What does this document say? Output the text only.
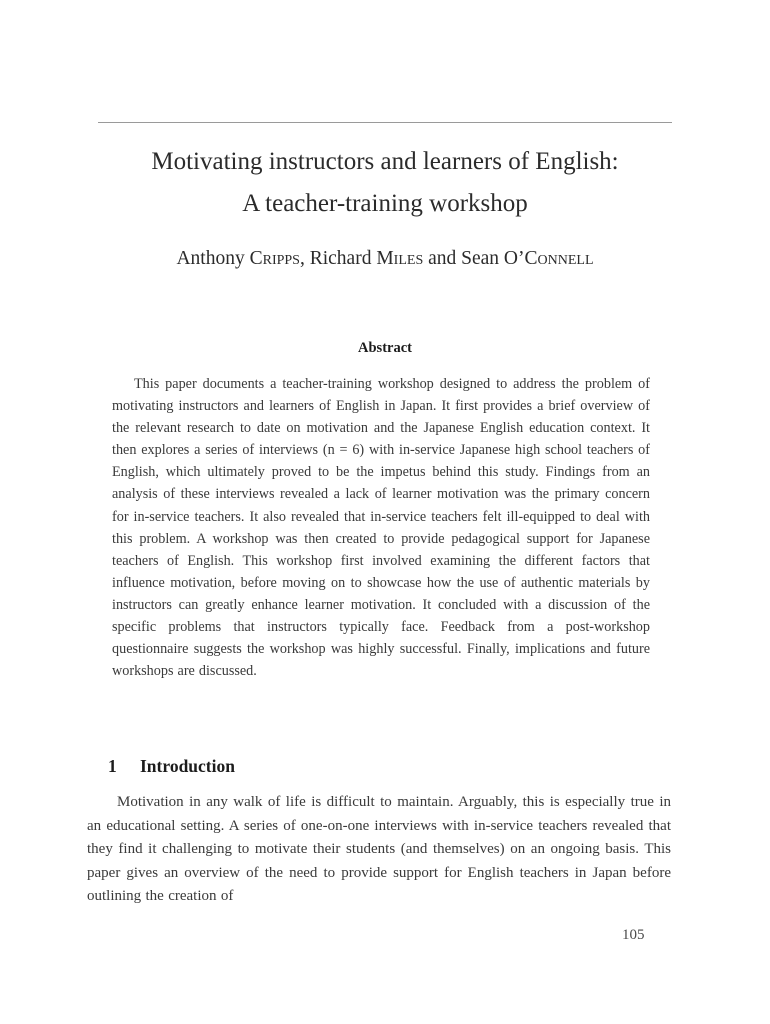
Motivating instructors and learners of English:
A teacher-training workshop
Anthony Cripps, Richard Miles and Sean O’Connell
Abstract

This paper documents a teacher-training workshop designed to address the problem of motivating instructors and learners of English in Japan. It first provides a brief overview of the relevant research to date on motivation and the Japanese English education context. It then explores a series of interviews (n = 6) with in-service Japanese high school teachers of English, which ultimately proved to be the impetus behind this study. Findings from an analysis of these interviews revealed a lack of learner motivation was the primary concern for in-service teachers. It also revealed that in-service teachers felt ill-equipped to deal with this problem. A workshop was then created to provide pedagogical support for Japanese teachers of English. This workshop first involved examining the different factors that influence motivation, before moving on to showcase how the use of authentic materials by instructors can greatly enhance learner motivation. It concluded with a discussion of the specific problems that instructors typically face. Feedback from a post-workshop questionnaire suggests the workshop was highly successful. Finally, implications and future workshops are discussed.

1 Introduction

Motivation in any walk of life is difficult to maintain. Arguably, this is especially true in an educational setting. A series of one-on-one interviews with in-service teachers revealed that they find it challenging to motivate their students (and themselves) on an ongoing basis. This paper gives an overview of the need to provide support for English teachers in Japan before outlining the creation of

105
